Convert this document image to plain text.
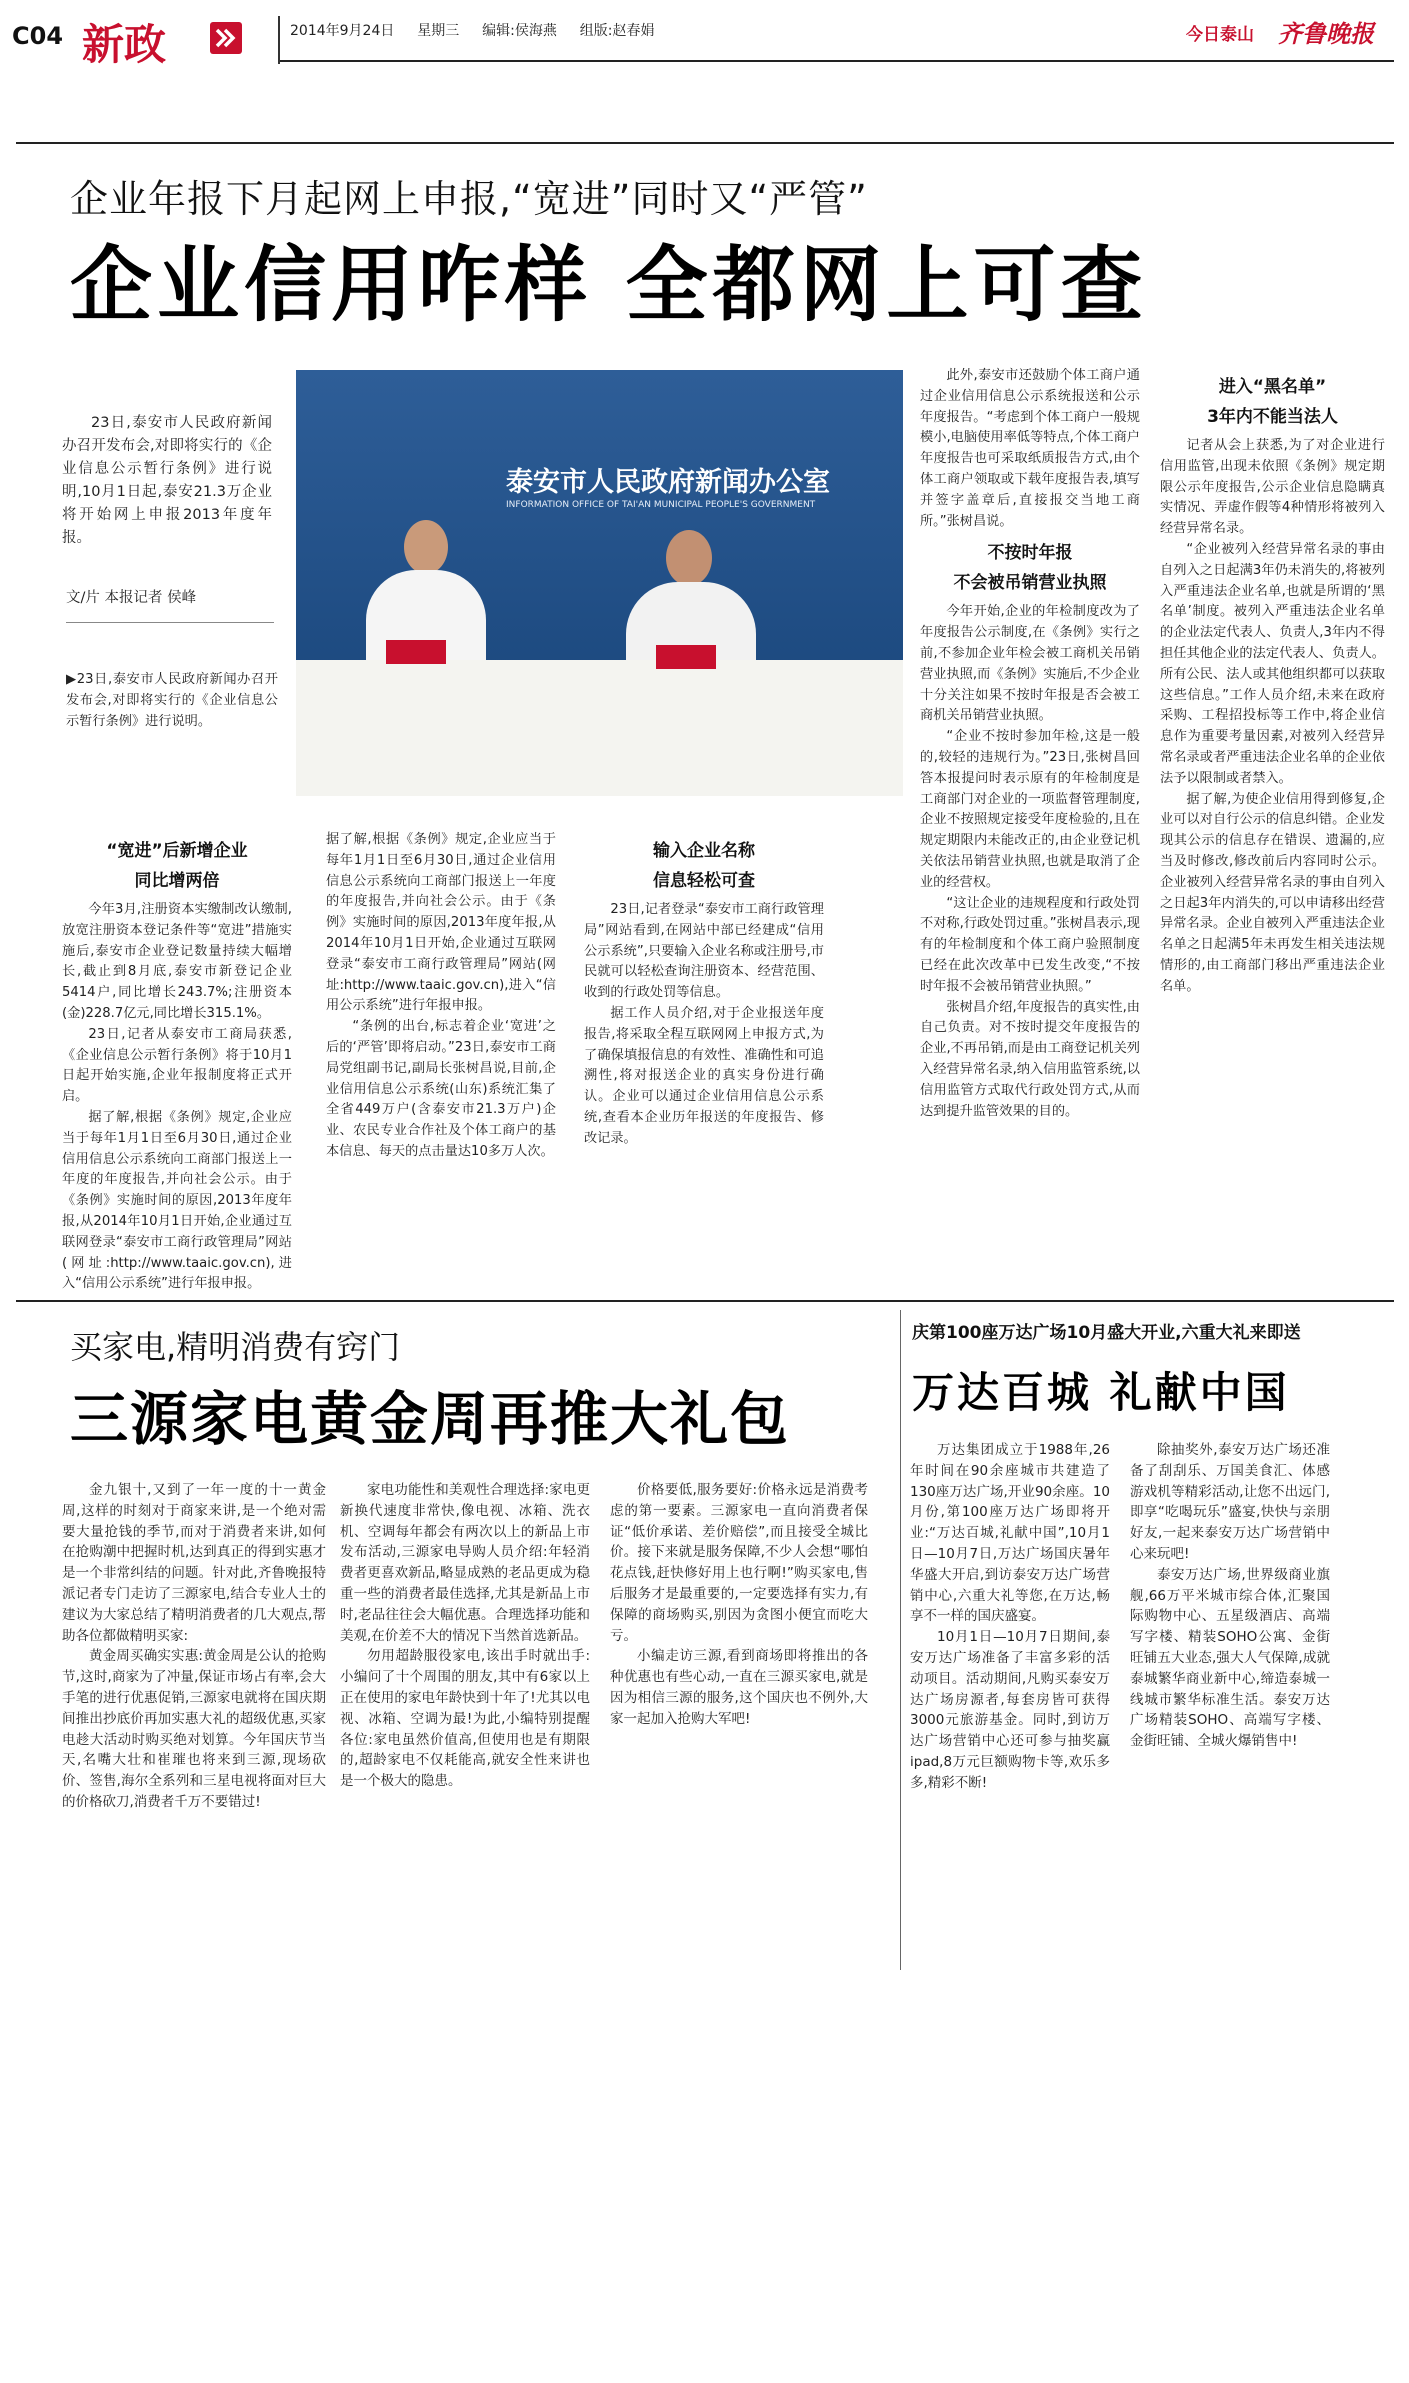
C04 新政	2014年9月24日 星期三 编辑:侯海燕 组版:赵春娟	今日泰山 齐鲁晚报
企业年报下月起网上申报,“宽进”同时又“严管”
企业信用咋样 全都网上可查

23日,泰安市人民政府新闻办召开发布会,对即将实行的《企业信息公示暂行条例》进行说明,10月1日起,泰安21.3万企业将开始网上申报2013年度年报。

文/片 本报记者 侯峰

▶23日,泰安市人民政府新闻办召开发布会,对即将实行的《企业信息公示暂行条例》进行说明。

泰安市人民政府新闻办公室
INFORMATION OFFICE OF TAI'AN MUNICIPAL PEOPLE'S GOVERNMENT
“宽进”后新增企业
同比增两倍

今年3月,注册资本实缴制改认缴制,放宽注册资本登记条件等“宽进”措施实施后,泰安市企业登记数量持续大幅增长,截止到8月底,泰安市新登记企业5414户,同比增长243.7%;注册资本(金)228.7亿元,同比增长315.1%。

23日,记者从泰安市工商局获悉,《企业信息公示暂行条例》将于10月1日起开始实施,企业年报制度将正式开启。

据了解,根据《条例》规定,企业应当于每年1月1日至6月30日,通过企业信用信息公示系统向工商部门报送上一年度的年度报告,并向社会公示。由于《条例》实施时间的原因,2013年度年报,从2014年10月1日开始,企业通过互联网登录“泰安市工商行政管理局”网站(网址:http://www.taaic.gov.cn),进入“信用公示系统”进行年报申报。

据了解,根据《条例》规定,企业应当于每年1月1日至6月30日,通过企业信用信息公示系统向工商部门报送上一年度的年度报告,并向社会公示。由于《条例》实施时间的原因,2013年度年报,从2014年10月1日开始,企业通过互联网登录“泰安市工商行政管理局”网站(网址:http://www.taaic.gov.cn),进入“信用公示系统”进行年报申报。

“条例的出台,标志着企业‘宽进’之后的‘严管’即将启动。”23日,泰安市工商局党组副书记,副局长张树昌说,目前,企业信用信息公示系统(山东)系统汇集了全省449万户(含泰安市21.3万户)企业、农民专业合作社及个体工商户的基本信息、每天的点击量达10多万人次。

输入企业名称
信息轻松可查

23日,记者登录“泰安市工商行政管理局”网站看到,在网站中部已经建成“信用公示系统”,只要输入企业名称或注册号,市民就可以轻松查询注册资本、经营范围、收到的行政处罚等信息。

据工作人员介绍,对于企业报送年度报告,将采取全程互联网网上申报方式,为了确保填报信息的有效性、准确性和可追溯性,将对报送企业的真实身份进行确认。企业可以通过企业信用信息公示系统,查看本企业历年报送的年度报告、修改记录。

此外,泰安市还鼓励个体工商户通过企业信用信息公示系统报送和公示年度报告。“考虑到个体工商户一般规模小,电脑使用率低等特点,个体工商户年度报告也可采取纸质报告方式,由个体工商户领取或下载年度报告表,填写并签字盖章后,直接报交当地工商所。”张树昌说。

不按时年报
不会被吊销营业执照

今年开始,企业的年检制度改为了年度报告公示制度,在《条例》实行之前,不参加企业年检会被工商机关吊销营业执照,而《条例》实施后,不少企业十分关注如果不按时年报是否会被工商机关吊销营业执照。

“企业不按时参加年检,这是一般的,较轻的违规行为。”23日,张树昌回答本报提问时表示原有的年检制度是工商部门对企业的一项监督管理制度,企业不按照规定接受年度检验的,且在规定期限内未能改正的,由企业登记机关依法吊销营业执照,也就是取消了企业的经营权。

“这让企业的违规程度和行政处罚不对称,行政处罚过重。”张树昌表示,现有的年检制度和个体工商户验照制度已经在此次改革中已发生改变,“不按时年报不会被吊销营业执照。”

张树昌介绍,年度报告的真实性,由自己负责。对不按时提交年度报告的企业,不再吊销,而是由工商登记机关列入经营异常名录,纳入信用监管系统,以信用监管方式取代行政处罚方式,从而达到提升监管效果的目的。

进入“黑名单”
3年内不能当法人

记者从会上获悉,为了对企业进行信用监管,出现未依照《条例》规定期限公示年度报告,公示企业信息隐瞒真实情况、弄虚作假等4种情形将被列入经营异常名录。

“企业被列入经营异常名录的事由自列入之日起满3年仍未消失的,将被列入严重违法企业名单,也就是所谓的‘黑名单’制度。被列入严重违法企业名单的企业法定代表人、负责人,3年内不得担任其他企业的法定代表人、负责人。所有公民、法人或其他组织都可以获取这些信息。”工作人员介绍,未来在政府采购、工程招投标等工作中,将企业信息作为重要考量因素,对被列入经营异常名录或者严重违法企业名单的企业依法予以限制或者禁入。

据了解,为使企业信用得到修复,企业可以对自行公示的信息纠错。企业发现其公示的信息存在错误、遗漏的,应当及时修改,修改前后内容同时公示。企业被列入经营异常名录的事由自列入之日起3年内消失的,可以申请移出经营异常名录。企业自被列入严重违法企业名单之日起满5年未再发生相关违法规情形的,由工商部门移出严重违法企业名单。

买家电,精明消费有窍门
三源家电黄金周再推大礼包

金九银十,又到了一年一度的十一黄金周,这样的时刻对于商家来讲,是一个绝对需要大量抢钱的季节,而对于消费者来讲,如何在抢购潮中把握时机,达到真正的得到实惠才是一个非常纠结的问题。针对此,齐鲁晚报特派记者专门走访了三源家电,结合专业人士的建议为大家总结了精明消费者的几大观点,帮助各位都做精明买家:

黄金周买确实实惠:黄金周是公认的抢购节,这时,商家为了冲量,保证市场占有率,会大手笔的进行优惠促销,三源家电就将在国庆期间推出抄底价再加实惠大礼的超级优惠,买家电趁大活动时购买绝对划算。今年国庆节当天,名嘴大壮和崔璀也将来到三源,现场砍价、签售,海尔全系列和三星电视将面对巨大的价格砍刀,消费者千万不要错过!

家电功能性和美观性合理选择:家电更新换代速度非常快,像电视、冰箱、洗衣机、空调每年都会有两次以上的新品上市发布活动,三源家电导购人员介绍:年轻消费者更喜欢新品,略显成熟的老品更成为稳重一些的消费者最佳选择,尤其是新品上市时,老品往往会大幅优惠。合理选择功能和美观,在价差不大的情况下当然首选新品。

勿用超龄服役家电,该出手时就出手:小编问了十个周围的朋友,其中有6家以上正在使用的家电年龄快到十年了!尤其以电视、冰箱、空调为最!为此,小编特别提醒各位:家电虽然价值高,但使用也是有期限的,超龄家电不仅耗能高,就安全性来讲也是一个极大的隐患。

价格要低,服务要好:价格永远是消费考虑的第一要素。三源家电一直向消费者保证“低价承诺、差价赔偿”,而且接受全城比价。接下来就是服务保障,不少人会想“哪怕花点钱,赶快修好用上也行啊!”购买家电,售后服务才是最重要的,一定要选择有实力,有保障的商场购买,别因为贪图小便宜而吃大亏。

小编走访三源,看到商场即将推出的各种优惠也有些心动,一直在三源买家电,就是因为相信三源的服务,这个国庆也不例外,大家一起加入抢购大军吧!

庆第100座万达广场10月盛大开业,六重大礼来即送
万达百城 礼献中国

万达集团成立于1988年,26年时间在90余座城市共建造了130座万达广场,开业90余座。10月份,第100座万达广场即将开业:“万达百城,礼献中国”,10月1日—10月7日,万达广场国庆暑年华盛大开启,到访泰安万达广场营销中心,六重大礼等您,在万达,畅享不一样的国庆盛宴。

10月1日—10月7日期间,泰安万达广场准备了丰富多彩的活动项目。活动期间,凡购买泰安万达广场房源者,每套房皆可获得3000元旅游基金。同时,到访万达广场营销中心还可参与抽奖赢ipad,8万元巨额购物卡等,欢乐多多,精彩不断!

除抽奖外,泰安万达广场还准备了刮刮乐、万国美食汇、体感游戏机等精彩活动,让您不出远门,即享“吃喝玩乐”盛宴,快快与亲朋好友,一起来泰安万达广场营销中心来玩吧!

泰安万达广场,世界级商业旗舰,66万平米城市综合体,汇聚国际购物中心、五星级酒店、高端写字楼、精装SOHO公寓、金街旺铺五大业态,强大人气保障,成就泰城繁华商业新中心,缔造泰城一线城市繁华标准生活。泰安万达广场精装SOHO、高端写字楼、金街旺铺、全城火爆销售中!
